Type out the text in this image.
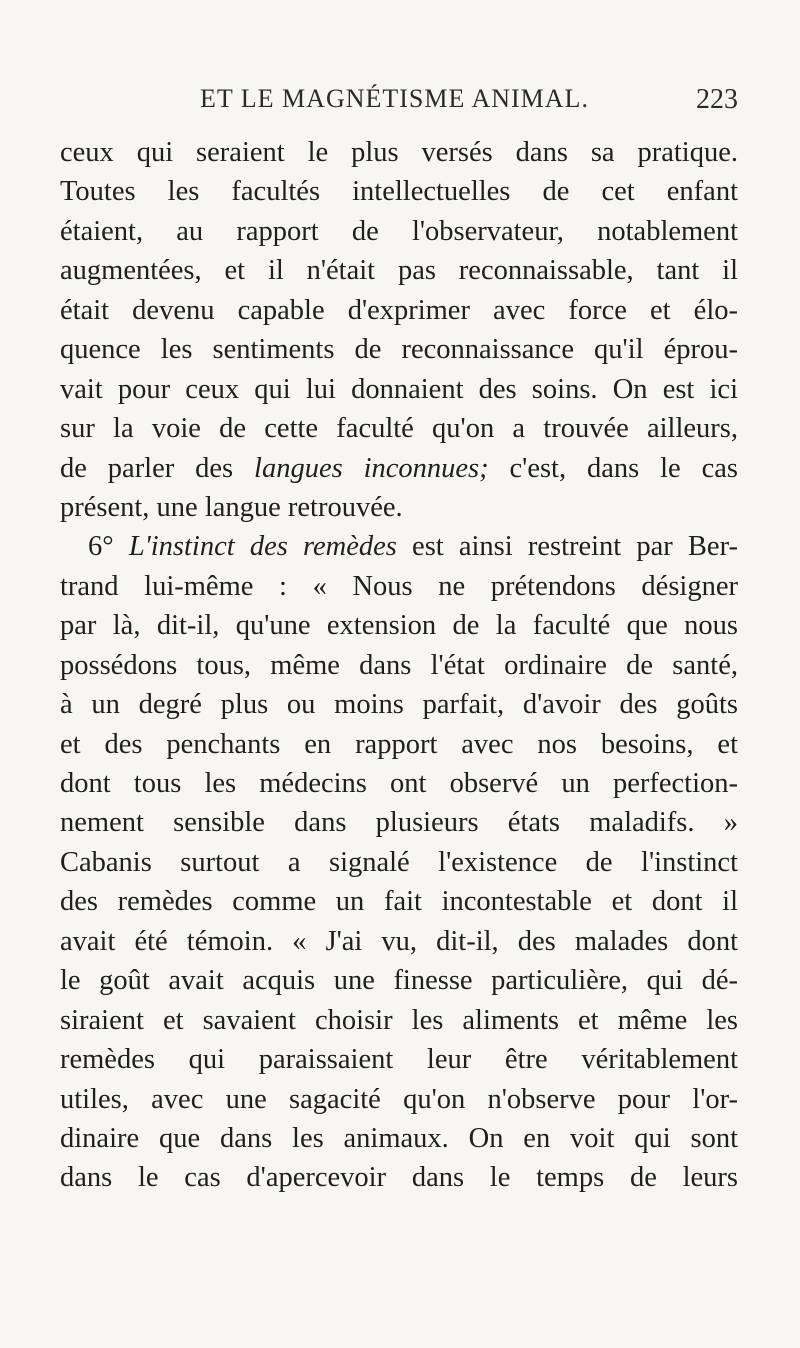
ET LE MAGNÉTISME ANIMAL.	223
ceux qui seraient le plus versés dans sa pratique.
Toutes les facultés intellectuelles de cet enfant
étaient, au rapport de l'observateur, notablement
augmentées, et il n'était pas reconnaissable, tant il
était devenu capable d'exprimer avec force et élo-
quence les sentiments de reconnaissance qu'il éprou-
vait pour ceux qui lui donnaient des soins. On est ici
sur la voie de cette faculté qu'on a trouvée ailleurs,
de parler des langues inconnues; c'est, dans le cas
présent, une langue retrouvée.
6° L'instinct des remèdes est ainsi restreint par Ber-
trand lui-même : « Nous ne prétendons désigner
par là, dit-il, qu'une extension de la faculté que nous
possédons tous, même dans l'état ordinaire de santé,
à un degré plus ou moins parfait, d'avoir des goûts
et des penchants en rapport avec nos besoins, et
dont tous les médecins ont observé un perfection-
nement sensible dans plusieurs états maladifs. »
Cabanis surtout a signalé l'existence de l'instinct
des remèdes comme un fait incontestable et dont il
avait été témoin. « J'ai vu, dit-il, des malades dont
le goût avait acquis une finesse particulière, qui dé-
siraient et savaient choisir les aliments et même les
remèdes qui paraissaient leur être véritablement
utiles, avec une sagacité qu'on n'observe pour l'or-
dinaire que dans les animaux. On en voit qui sont
dans le cas d'apercevoir dans le temps de leurs
